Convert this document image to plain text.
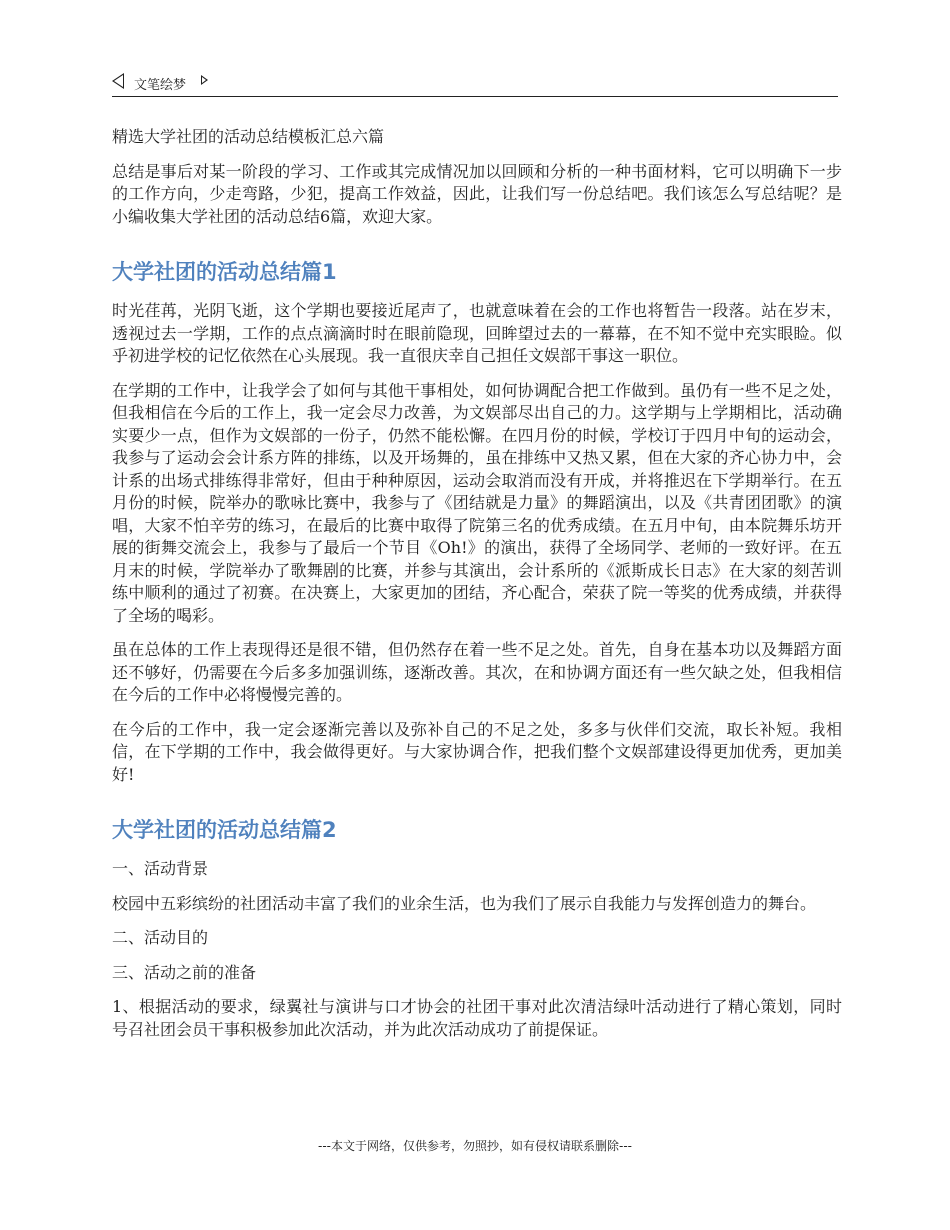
文笔绘梦

精选大学社团的活动总结模板汇总六篇

总结是事后对某一阶段的学习、工作或其完成情况加以回顾和分析的一种书面材料，它可以明确下一步的工作方向，少走弯路，少犯，提高工作效益，因此，让我们写一份总结吧。我们该怎么写总结呢？是小编收集大学社团的活动总结6篇，欢迎大家。

大学社团的活动总结篇1

时光荏苒，光阴飞逝，这个学期也要接近尾声了，也就意味着在会的工作也将暂告一段落。站在岁末，透视过去一学期，工作的点点滴滴时时在眼前隐现，回眸望过去的一幕幕，在不知不觉中充实眼睑。似乎初进学校的记忆依然在心头展现。我一直很庆幸自己担任文娱部干事这一职位。

在学期的工作中，让我学会了如何与其他干事相处，如何协调配合把工作做到。虽仍有一些不足之处，但我相信在今后的工作上，我一定会尽力改善，为文娱部尽出自己的力。这学期与上学期相比，活动确实要少一点，但作为文娱部的一份子，仍然不能松懈。在四月份的时候，学校订于四月中旬的运动会，我参与了运动会会计系方阵的排练，以及开场舞的，虽在排练中又热又累，但在大家的齐心协力中，会计系的出场式排练得非常好，但由于种种原因，运动会取消而没有开成，并将推迟在下学期举行。在五月份的时候，院举办的歌咏比赛中，我参与了《团结就是力量》的舞蹈演出，以及《共青团团歌》的演唱，大家不怕辛劳的练习，在最后的比赛中取得了院第三名的优秀成绩。在五月中旬，由本院舞乐坊开展的街舞交流会上，我参与了最后一个节目《Oh!》的演出，获得了全场同学、老师的一致好评。在五月末的时候，学院举办了歌舞剧的比赛，并参与其演出，会计系所的《派斯成长日志》在大家的刻苦训练中顺利的通过了初赛。在决赛上，大家更加的团结，齐心配合，荣获了院一等奖的优秀成绩，并获得了全场的喝彩。

虽在总体的工作上表现得还是很不错，但仍然存在着一些不足之处。首先，自身在基本功以及舞蹈方面还不够好，仍需要在今后多多加强训练，逐渐改善。其次，在和协调方面还有一些欠缺之处，但我相信在今后的工作中必将慢慢完善的。

在今后的工作中，我一定会逐渐完善以及弥补自己的不足之处，多多与伙伴们交流，取长补短。我相信，在下学期的工作中，我会做得更好。与大家协调合作，把我们整个文娱部建设得更加优秀，更加美好!

大学社团的活动总结篇2

一、活动背景

校园中五彩缤纷的社团活动丰富了我们的业余生活，也为我们了展示自我能力与发挥创造力的舞台。

二、活动目的

三、活动之前的准备

1、根据活动的要求，绿翼社与演讲与口才协会的社团干事对此次清洁绿叶活动进行了精心策划，同时号召社团会员干事积极参加此次活动，并为此次活动成功了前提保证。

---本文于网络，仅供参考，勿照抄，如有侵权请联系删除---
